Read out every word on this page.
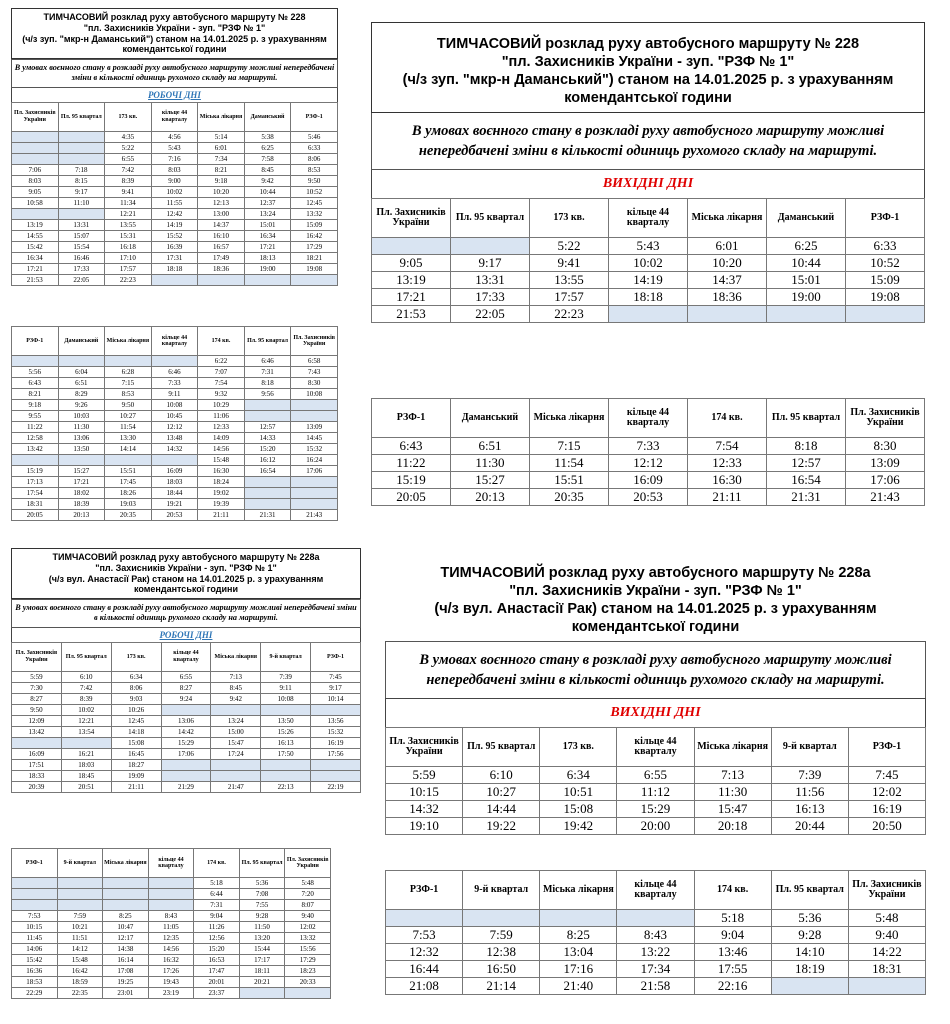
ТИМЧАСОВИЙ розклад руху автобусного маршруту № 228
"пл. Захисників України - зуп. "РЗФ № 1"
(ч/з зуп. "мкр-н Даманський") станом на 14.01.2025 р. з урахуванням комендантської години
В умовах воєнного стану в розкладі руху автобусного маршруту можливі непередбачені зміни в кількості одиниць рухомого складу на маршруті.
РОБОЧІ ДНІ
Пл. Захисників України	Пл. 95 квартал	173 кв.	кільце 44 кварталу	Міська лікарня	Даманський	РЗФ-1
		4:35	4:56	5:14	5:38	5:46
		5:22	5:43	6:01	6:25	6:33
		6:55	7:16	7:34	7:58	8:06
7:06	7:18	7:42	8:03	8:21	8:45	8:53
8:03	8:15	8:39	9:00	9:18	9:42	9:50
9:05	9:17	9:41	10:02	10:20	10:44	10:52
10:58	11:10	11:34	11:55	12:13	12:37	12:45
		12:21	12:42	13:00	13:24	13:32
13:19	13:31	13:55	14:19	14:37	15:01	15:09
14:55	15:07	15:31	15:52	16:10	16:34	16:42
15:42	15:54	16:18	16:39	16:57	17:21	17:29
16:34	16:46	17:10	17:31	17:49	18:13	18:21
17:21	17:33	17:57	18:18	18:36	19:00	19:08
21:53	22:05	22:23				
РЗФ-1	Даманський	Міська лікарня	кільце 44 кварталу	174 кв.	Пл. 95 квартал	Пл. Захисників України
				6:22	6:46	6:58
5:56	6:04	6:28	6:46	7:07	7:31	7:43
6:43	6:51	7:15	7:33	7:54	8:18	8:30
8:21	8:29	8:53	9:11	9:32	9:56	10:08
9:18	9:26	9:50	10:08	10:29		
9:55	10:03	10:27	10:45	11:06		
11:22	11:30	11:54	12:12	12:33	12:57	13:09
12:58	13:06	13:30	13:48	14:09	14:33	14:45
13:42	13:50	14:14	14:32	14:56	15:20	15:32
				15:48	16:12	16:24
15:19	15:27	15:51	16:09	16:30	16:54	17:06
17:13	17:21	17:45	18:03	18:24		
17:54	18:02	18:26	18:44	19:02		
18:31	18:39	19:03	19:21	19:39		
20:05	20:13	20:35	20:53	21:11	21:31	21:43
ТИМЧАСОВИЙ розклад руху автобусного маршруту № 228
"пл. Захисників України - зуп. "РЗФ № 1"
(ч/з зуп. "мкр-н Даманський") станом на 14.01.2025 р. з урахуванням комендантської години
В умовах воєнного стану в розкладі руху автобусного маршруту можливі непередбачені зміни в кількості одиниць рухомого складу на маршруті.
ВИХІДНІ ДНІ
Пл. Захисників України	Пл. 95 квартал	173 кв.	кільце 44 кварталу	Міська лікарня	Даманський	РЗФ-1
		5:22	5:43	6:01	6:25	6:33
9:05	9:17	9:41	10:02	10:20	10:44	10:52
13:19	13:31	13:55	14:19	14:37	15:01	15:09
17:21	17:33	17:57	18:18	18:36	19:00	19:08
21:53	22:05	22:23				
РЗФ-1	Даманський	Міська лікарня	кільце 44 кварталу	174 кв.	Пл. 95 квартал	Пл. Захисників України
6:43	6:51	7:15	7:33	7:54	8:18	8:30
11:22	11:30	11:54	12:12	12:33	12:57	13:09
15:19	15:27	15:51	16:09	16:30	16:54	17:06
20:05	20:13	20:35	20:53	21:11	21:31	21:43
ТИМЧАСОВИЙ розклад руху автобусного маршруту № 228а
"пл. Захисників України - зуп. "РЗФ № 1"
(ч/з вул. Анастасії Рак) станом на 14.01.2025 р. з урахуванням комендантської години
В умовах воєнного стану в розкладі руху автобусного маршруту можливі непередбачені зміни в кількості одиниць рухомого складу на маршруті.
РОБОЧІ ДНІ
Пл. Захисників України	Пл. 95 квартал	173 кв.	кільце 44 кварталу	Міська лікарня	9-й квартал	РЗФ-1
5:59	6:10	6:34	6:55	7:13	7:39	7:45
7:30	7:42	8:06	8:27	8:45	9:11	9:17
8:27	8:39	9:03	9:24	9:42	10:08	10:14
9:50	10:02	10:26				
12:09	12:21	12:45	13:06	13:24	13:50	13:56
13:42	13:54	14:18	14:42	15:00	15:26	15:32
		15:08	15:29	15:47	16:13	16:19
16:09	16:21	16:45	17:06	17:24	17:50	17:56
17:51	18:03	18:27				
18:33	18:45	19:09				
20:39	20:51	21:11	21:29	21:47	22:13	22:19
РЗФ-1	9-й квартал	Міська лікарня	кільце 44 кварталу	174 кв.	Пл. 95 квартал	Пл. Захисників України
				5:18	5:36	5:48
				6:44	7:08	7:20
				7:31	7:55	8:07
7:53	7:59	8:25	8:43	9:04	9:28	9:40
10:15	10:21	10:47	11:05	11:26	11:50	12:02
11:45	11:51	12:17	12:35	12:56	13:20	13:32
14:06	14:12	14:38	14:56	15:20	15:44	15:56
15:42	15:48	16:14	16:32	16:53	17:17	17:29
16:36	16:42	17:08	17:26	17:47	18:11	18:23
18:53	18:59	19:25	19:43	20:01	20:21	20:33
22:29	22:35	23:01	23:19	23:37		
ТИМЧАСОВИЙ розклад руху автобусного маршруту № 228а
"пл. Захисників України - зуп. "РЗФ № 1"
(ч/з вул. Анастасії Рак) станом на 14.01.2025 р. з урахуванням комендантської години
В умовах воєнного стану в розкладі руху автобусного маршруту можливі непередбачені зміни в кількості одиниць рухомого складу на маршруті.
ВИХІДНІ ДНІ
Пл. Захисників України	Пл. 95 квартал	173 кв.	кільце 44 кварталу	Міська лікарня	9-й квартал	РЗФ-1
5:59	6:10	6:34	6:55	7:13	7:39	7:45
10:15	10:27	10:51	11:12	11:30	11:56	12:02
14:32	14:44	15:08	15:29	15:47	16:13	16:19
19:10	19:22	19:42	20:00	20:18	20:44	20:50
РЗФ-1	9-й квартал	Міська лікарня	кільце 44 кварталу	174 кв.	Пл. 95 квартал	Пл. Захисників України
				5:18	5:36	5:48
7:53	7:59	8:25	8:43	9:04	9:28	9:40
12:32	12:38	13:04	13:22	13:46	14:10	14:22
16:44	16:50	17:16	17:34	17:55	18:19	18:31
21:08	21:14	21:40	21:58	22:16		
